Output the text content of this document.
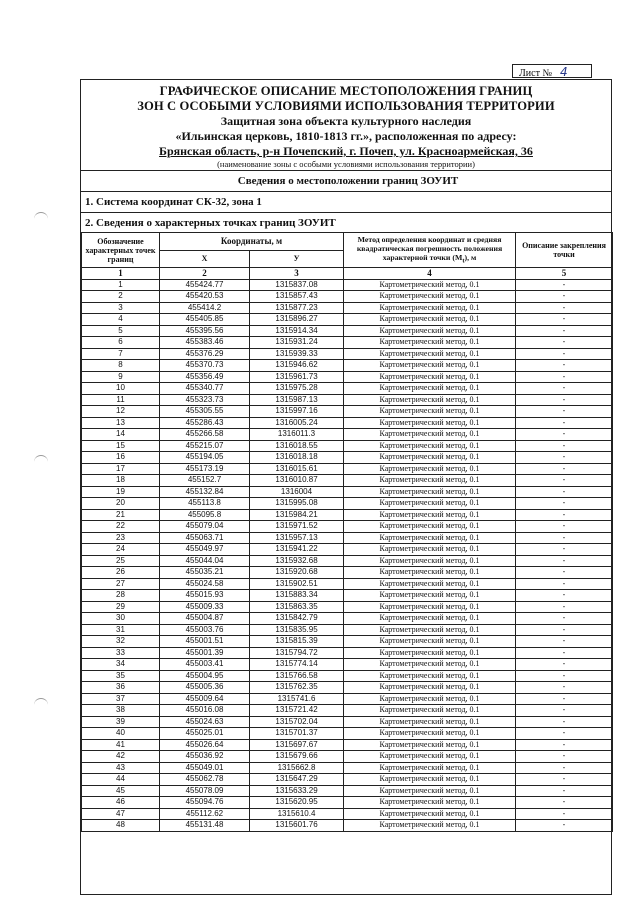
Лист № 4
ГРАФИЧЕСКОЕ ОПИСАНИЕ МЕСТОПОЛОЖЕНИЯ ГРАНИЦ
ЗОН С ОСОБЫМИ УСЛОВИЯМИ ИСПОЛЬЗОВАНИЯ ТЕРРИТОРИИ
Защитная зона объекта культурного наследия
«Ильинская церковь, 1810-1813 гг.», расположенная по адресу:
Брянская область, р-н Почепский, г. Почеп, ул. Красноармейская, 36
(наименование зоны с особыми условиями использования территории)
Сведения о местоположении границ ЗОУИТ
1. Система координат СК-32, зона 1
2. Сведения о характерных точках границ ЗОУИТ
Обозначение характерных точек границ	Координаты, м		Метод определения координат и средняя квадратическая погрешность положения характерной точки $(M_t)$, м	Описание закрепления точки
	X	У		
1	2	3	4	5
1	455424.77	1315837.08	Картометрический метод, 0.1	-
2	455420.53	1315857.43	Картометрический метод, 0.1	-
3	455414.2	1315877.23	Картометрический метод, 0.1	-
4	455405.85	1315896.27	Картометрический метод, 0.1	-
5	455395.56	1315914.34	Картометрический метод, 0.1	-
6	455383.46	1315931.24	Картометрический метод, 0.1	-
7	455376.29	1315939.33	Картометрический метод, 0.1	-
8	455370.73	1315946.62	Картометрический метод, 0.1	-
9	455356.49	1315961.73	Картометрический метод, 0.1	-
10	455340.77	1315975.28	Картометрический метод, 0.1	-
11	455323.73	1315987.13	Картометрический метод, 0.1	-
12	455305.55	1315997.16	Картометрический метод, 0.1	-
13	455286.43	1316005.24	Картометрический метод, 0.1	-
14	455266.58	1316011.3	Картометрический метод, 0.1	-
15	455215.07	1316018.55	Картометрический метод, 0.1	-
16	455194.05	1316018.18	Картометрический метод, 0.1	-
17	455173.19	1316015.61	Картометрический метод, 0.1	-
18	455152.7	1316010.87	Картометрический метод, 0.1	-
19	455132.84	1316004	Картометрический метод, 0.1	-
20	455113.8	1315995.08	Картометрический метод, 0.1	-
21	455095.8	1315984.21	Картометрический метод, 0.1	-
22	455079.04	1315971.52	Картометрический метод, 0.1	-
23	455063.71	1315957.13	Картометрический метод, 0.1	-
24	455049.97	1315941.22	Картометрический метод, 0.1	-
25	455044.04	1315932.68	Картометрический метод, 0.1	-
26	455035.21	1315920.68	Картометрический метод, 0.1	-
27	455024.58	1315902.51	Картометрический метод, 0.1	-
28	455015.93	1315883.34	Картометрический метод, 0.1	-
29	455009.33	1315863.35	Картометрический метод, 0.1	-
30	455004.87	1315842.79	Картометрический метод, 0.1	-
31	455003.76	1315835.95	Картометрический метод, 0.1	-
32	455001.51	1315815.39	Картометрический метод, 0.1	-
33	455001.39	1315794.72	Картометрический метод, 0.1	-
34	455003.41	1315774.14	Картометрический метод, 0.1	-
35	455004.95	1315766.58	Картометрический метод, 0.1	-
36	455005.36	1315762.35	Картометрический метод, 0.1	-
37	455009.64	1315741.6	Картометрический метод, 0.1	-
38	455016.08	1315721.42	Картометрический метод, 0.1	-
39	455024.63	1315702.04	Картометрический метод, 0.1	-
40	455025.01	1315701.37	Картометрический метод, 0.1	-
41	455026.64	1315697.67	Картометрический метод, 0.1	-
42	455036.92	1315679.66	Картометрический метод, 0.1	-
43	455049.01	1315662.8	Картометрический метод, 0.1	-
44	455062.78	1315647.29	Картометрический метод, 0.1	-
45	455078.09	1315633.29	Картометрический метод, 0.1	-
46	455094.76	1315620.95	Картометрический метод, 0.1	-
47	455112.62	1315610.4	Картометрический метод, 0.1	-
48	455131.48	1315601.76	Картометрический метод, 0.1	-
